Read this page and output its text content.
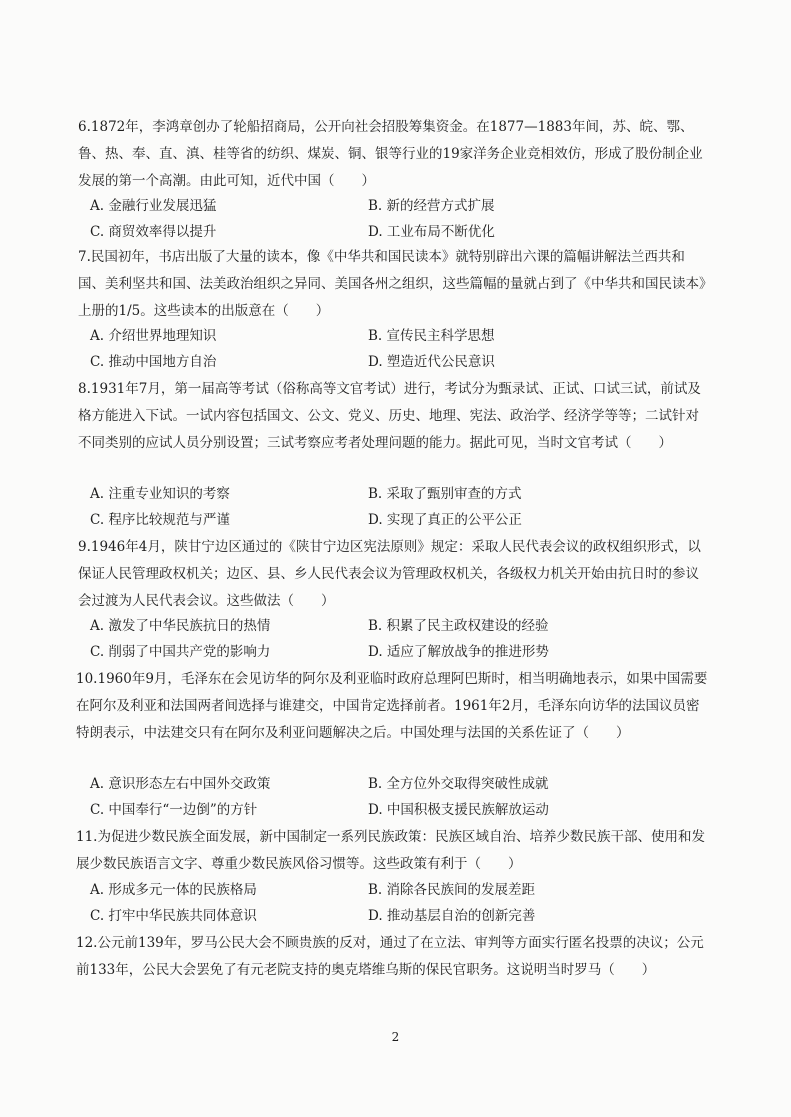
6.1872年，李鸿章创办了轮船招商局，公开向社会招股筹集资金。在1877—1883年间，苏、皖、鄂、鲁、热、奉、直、滇、桂等省的纺织、煤炭、铜、银等行业的19家洋务企业竞相效仿，形成了股份制企业发展的第一个高潮。由此可知，近代中国（　　）
A. 金融行业发展迅猛	B. 新的经营方式扩展
C. 商贸效率得以提升	D. 工业布局不断优化
7.民国初年，书店出版了大量的读本，像《中华共和国民读本》就特别辟出六课的篇幅讲解法兰西共和国、美利坚共和国、法美政治组织之异同、美国各州之组织，这些篇幅的量就占到了《中华共和国民读本》上册的1/5。这些读本的出版意在（　　）
A. 介绍世界地理知识	B. 宣传民主科学思想
C. 推动中国地方自治	D. 塑造近代公民意识
8.1931年7月，第一届高等考试（俗称高等文官考试）进行，考试分为甄录试、正试、口试三试，前试及格方能进入下试。一试内容包括国文、公文、党义、历史、地理、宪法、政治学、经济学等等；二试针对不同类别的应试人员分别设置；三试考察应考者处理问题的能力。据此可见，当时文官考试（　　）
A. 注重专业知识的考察	B. 采取了甄别审查的方式
C. 程序比较规范与严谨	D. 实现了真正的公平公正
9.1946年4月，陕甘宁边区通过的《陕甘宁边区宪法原则》规定：采取人民代表会议的政权组织形式，以保证人民管理政权机关；边区、县、乡人民代表会议为管理政权机关，各级权力机关开始由抗日时的参议会过渡为人民代表会议。这些做法（　　）
A. 激发了中华民族抗日的热情	B. 积累了民主政权建设的经验
C. 削弱了中国共产党的影响力	D. 适应了解放战争的推进形势
10.1960年9月，毛泽东在会见访华的阿尔及利亚临时政府总理阿巴斯时，相当明确地表示，如果中国需要在阿尔及利亚和法国两者间选择与谁建交，中国肯定选择前者。1961年2月，毛泽东向访华的法国议员密特朗表示，中法建交只有在阿尔及利亚问题解决之后。中国处理与法国的关系佐证了（　　）
A. 意识形态左右中国外交政策	B. 全方位外交取得突破性成就
C. 中国奉行“一边倒”的方针	D. 中国积极支援民族解放运动
11.为促进少数民族全面发展，新中国制定一系列民族政策：民族区域自治、培养少数民族干部、使用和发展少数民族语言文字、尊重少数民族风俗习惯等。这些政策有利于（　　）
A. 形成多元一体的民族格局	B. 消除各民族间的发展差距
C. 打牢中华民族共同体意识	D. 推动基层自治的创新完善
12.公元前139年，罗马公民大会不顾贵族的反对，通过了在立法、审判等方面实行匿名投票的决议；公元前133年，公民大会罢免了有元老院支持的奥克塔维乌斯的保民官职务。这说明当时罗马（　　）
2
